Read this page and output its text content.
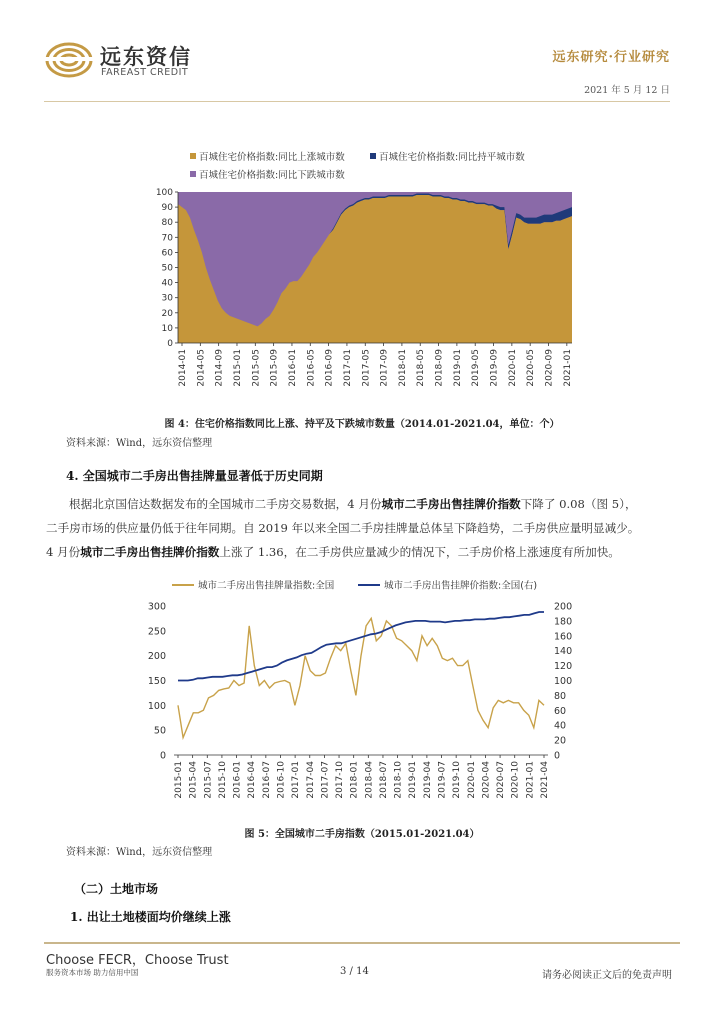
远东资信
FAREAST CREDIT
远东研究·行业研究
2021 年 5 月 12 日
百城住宅价格指数:同比上涨城市数	百城住宅价格指数:同比持平城市数
百城住宅价格指数:同比下跌城市数
0
10
20
30
40
50
60
70
80
90
100
2014-01 2014-05 2014-09 2015-01 2015-05 2015-09 2016-01 2016-05 2016-09 2017-01 2017-05 2017-09 2018-01 2018-05 2018-09 2019-01 2019-05 2019-09 2020-01 2020-05 2020-09 2021-01
图 4：住宅价格指数同比上涨、持平及下跌城市数量（2014.01-2021.04，单位：个）
资料来源：Wind，远东资信整理
4. 全国城市二手房出售挂牌量显著低于历史同期
根据北京国信达数据发布的全国城市二手房交易数据，4 月份城市二手房出售挂牌价指数下降了 0.08（图 5），
二手房市场的供应量仍低于往年同期。自 2019 年以来全国二手房挂牌量总体呈下降趋势，二手房供应量明显减少。
4 月份城市二手房出售挂牌价指数上涨了 1.36，在二手房供应量减少的情况下，二手房价格上涨速度有所加快。
城市二手房出售挂牌量指数:全国	城市二手房出售挂牌价指数:全国(右)
0
50
100
150
200
250
300
0
20
40
60
80
100
120
140
160
180
200
2015-01 2015-04 2015-07 2015-10 2016-01 2016-04 2016-07 2016-10 2017-01 2017-04 2017-07 2017-10 2018-01 2018-04 2018-07 2018-10 2019-01 2019-04 2019-07 2019-10 2020-01 2020-04 2020-07 2020-10 2021-01 2021-04
图 5：全国城市二手房指数（2015.01-2021.04）
资料来源：Wind，远东资信整理
（二）土地市场
1. 出让土地楼面均价继续上涨
Choose FECR，Choose Trust
服务资本市场 助力信用中国	3 / 14	请务必阅读正文后的免责声明
